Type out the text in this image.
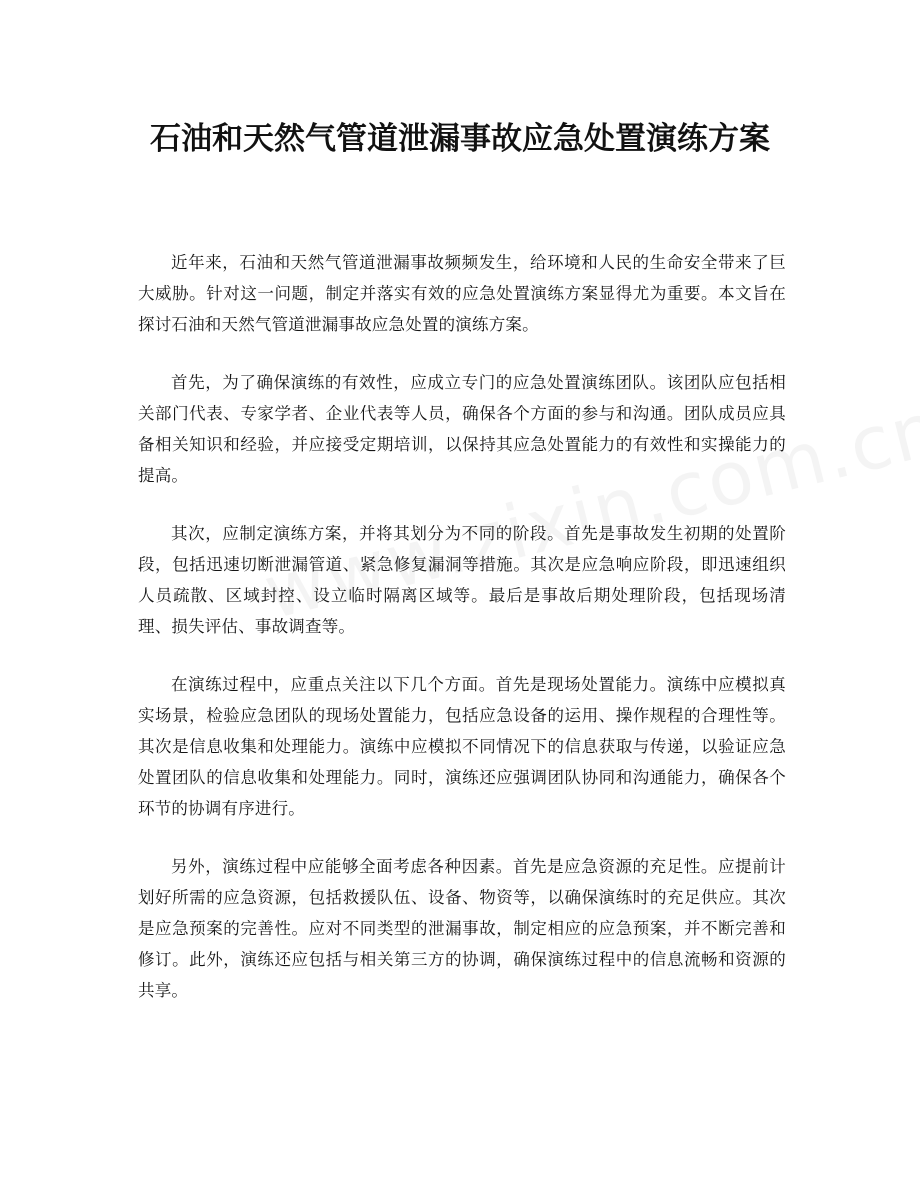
石油和天然气管道泄漏事故应急处置演练方案

近年来，石油和天然气管道泄漏事故频频发生，给环境和人民的生命安全带来了巨大威胁。针对这一问题，制定并落实有效的应急处置演练方案显得尤为重要。本文旨在探讨石油和天然气管道泄漏事故应急处置的演练方案。

首先，为了确保演练的有效性，应成立专门的应急处置演练团队。该团队应包括相关部门代表、专家学者、企业代表等人员，确保各个方面的参与和沟通。团队成员应具备相关知识和经验，并应接受定期培训，以保持其应急处置能力的有效性和实操能力的提高。

其次，应制定演练方案，并将其划分为不同的阶段。首先是事故发生初期的处置阶段，包括迅速切断泄漏管道、紧急修复漏洞等措施。其次是应急响应阶段，即迅速组织人员疏散、区域封控、设立临时隔离区域等。最后是事故后期处理阶段，包括现场清理、损失评估、事故调查等。

在演练过程中，应重点关注以下几个方面。首先是现场处置能力。演练中应模拟真实场景，检验应急团队的现场处置能力，包括应急设备的运用、操作规程的合理性等。其次是信息收集和处理能力。演练中应模拟不同情况下的信息获取与传递，以验证应急处置团队的信息收集和处理能力。同时，演练还应强调团队协同和沟通能力，确保各个环节的协调有序进行。

另外，演练过程中应能够全面考虑各种因素。首先是应急资源的充足性。应提前计划好所需的应急资源，包括救援队伍、设备、物资等，以确保演练时的充足供应。其次是应急预案的完善性。应对不同类型的泄漏事故，制定相应的应急预案，并不断完善和修订。此外，演练还应包括与相关第三方的协调，确保演练过程中的信息流畅和资源的共享。
